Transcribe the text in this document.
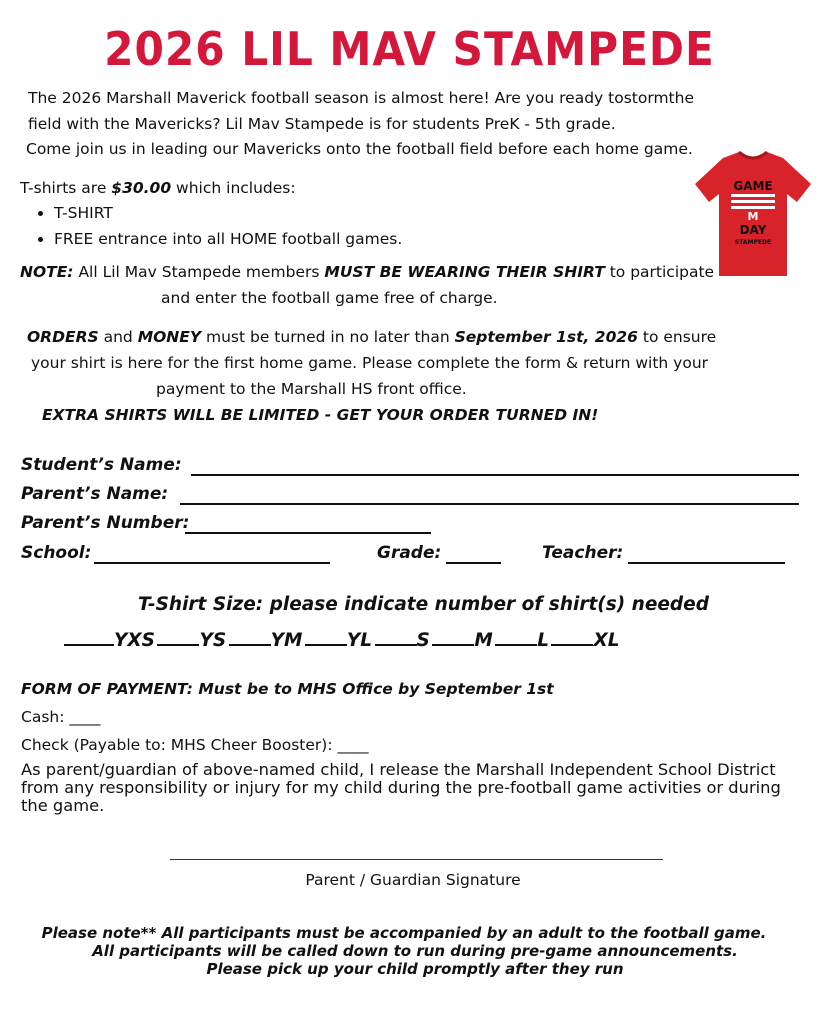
2026 LIL MAV STAMPEDE
The 2026 Marshall Maverick football season is almost here! Are you ready tostormthe
field with the Mavericks? Lil Mav Stampede is for students PreK - 5th grade.
Come join us in leading our Mavericks onto the football field before each home game.
T-shirts are $30.00 which includes:
• T-SHIRT
• FREE entrance into all HOME football games.
GAME
M
DAY
STAMPEDE
NOTE: All Lil Mav Stampede members MUST BE WEARING THEIR SHIRT to participate
and enter the football game free of charge.
ORDERS and MONEY must be turned in no later than September 1st, 2026 to ensure
your shirt is here for the first home game. Please complete the form & return with your
payment to the Marshall HS front office.
EXTRA SHIRTS WILL BE LIMITED - GET YOUR ORDER TURNED IN!
Student’s Name:
Parent’s Name:
Parent’s Number:
School:	Grade:	Teacher:
T-Shirt Size: please indicate number of shirt(s) needed
YXS YS YM YL S M L XL
FORM OF PAYMENT: Must be to MHS Office by September 1st
Cash: ____
Check (Payable to: MHS Cheer Booster): ____
As parent/guardian of above-named child, I release the Marshall Independent School District from any responsibility or injury for my child during the pre-football game activities or during the game.
Parent / Guardian Signature
Please note** All participants must be accompanied by an adult to the football game.
All participants will be called down to run during pre-game announcements.
Please pick up your child promptly after they run
